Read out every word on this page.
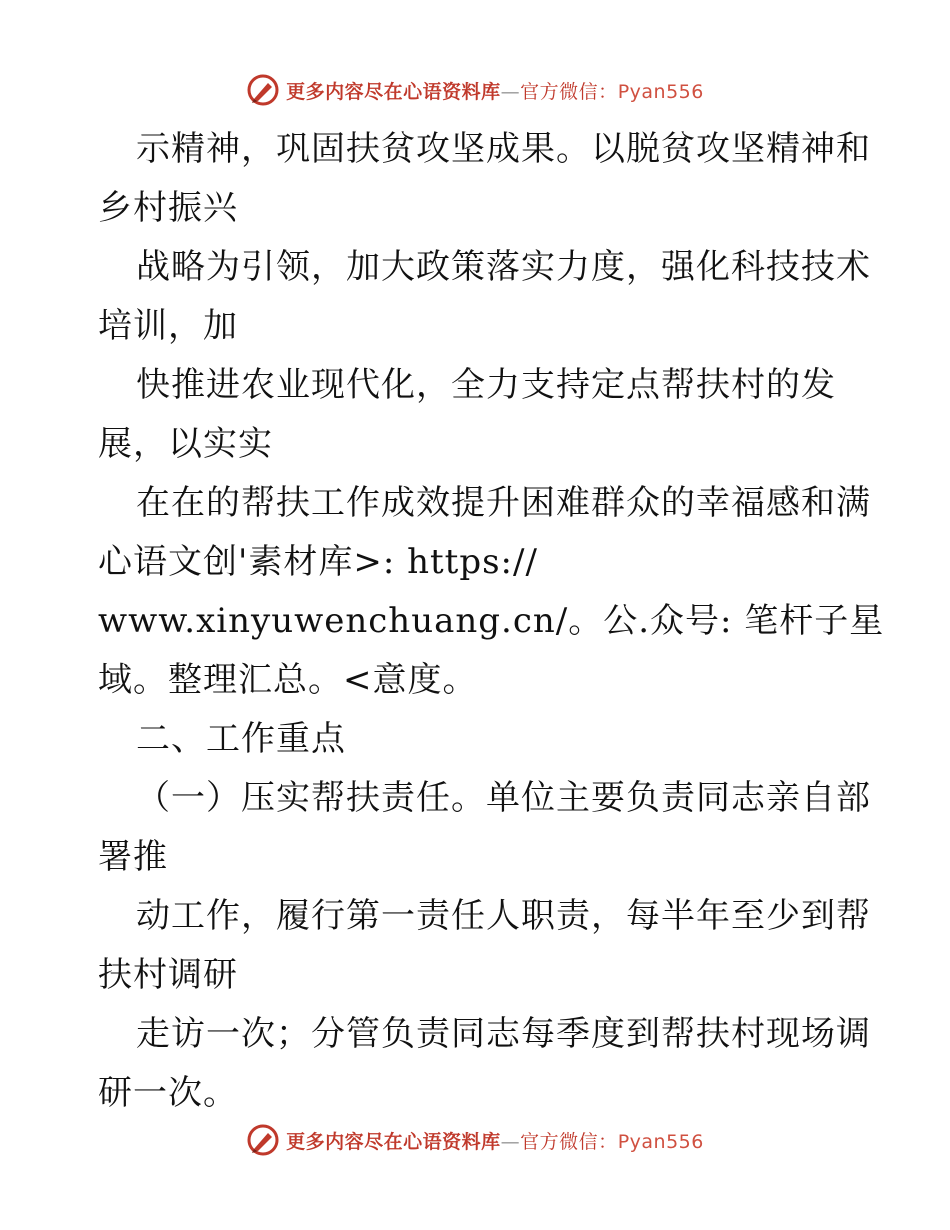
更多内容尽在心语资料库—官方微信：Pyan556
示精神，巩固扶贫攻坚成果。以脱贫攻坚精神和
乡村振兴
战略为引领，加大政策落实力度，强化科技技术
培训，加
快推进农业现代化，全力支持定点帮扶村的发
展，以实实
在在的帮扶工作成效提升困难群众的幸福感和满
心语文创'素材库>: https://
www.xinyuwenchuang.cn/。公.众号: 笔杆子星
域。整理汇总。<意度。
二、工作重点
（一）压实帮扶责任。单位主要负责同志亲自部
署推
动工作，履行第一责任人职责，每半年至少到帮
扶村调研
走访一次；分管负责同志每季度到帮扶村现场调
研一次。
更多内容尽在心语资料库—官方微信：Pyan556
